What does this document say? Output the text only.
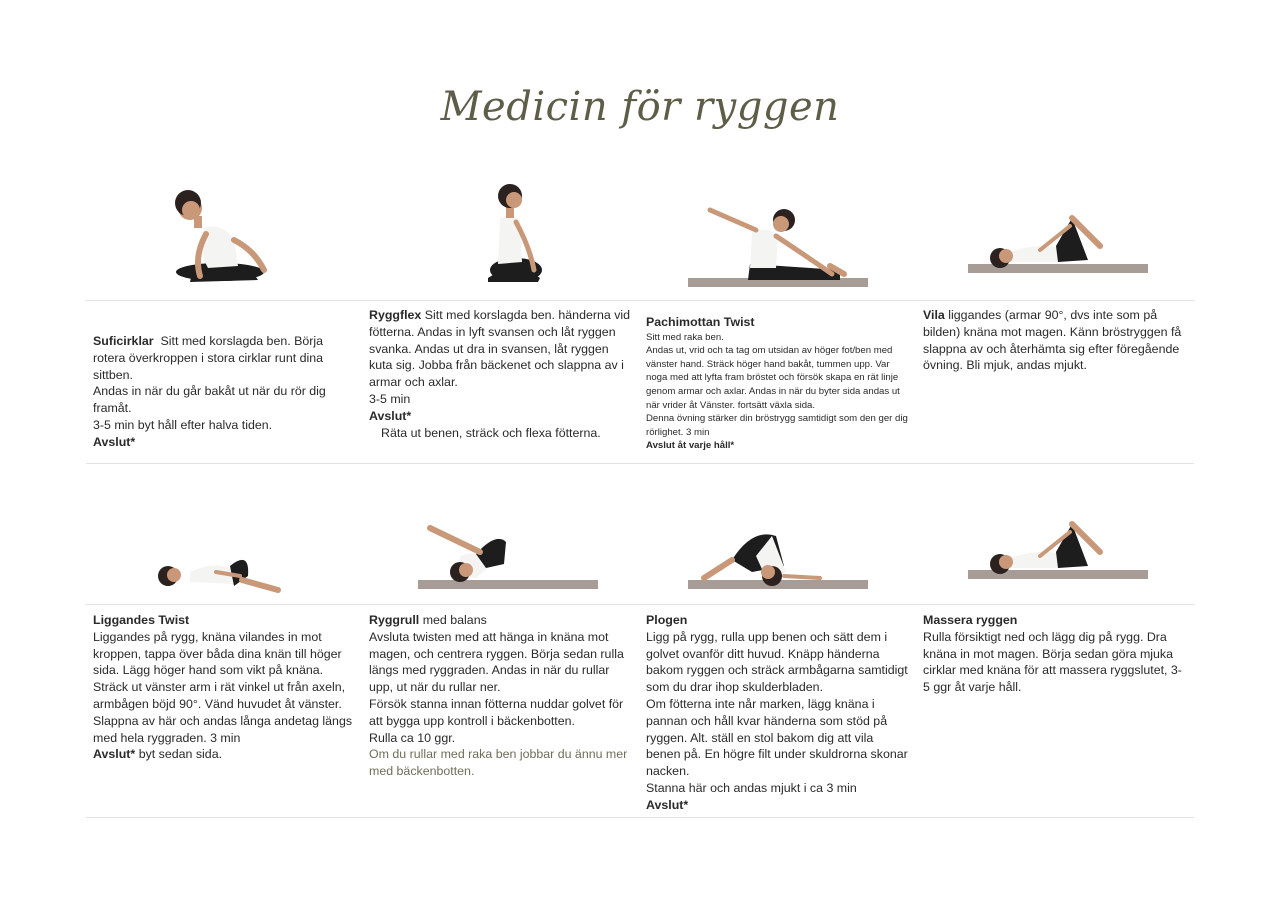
Medicin för ryggen

Suficirklar Sitt med korslagda ben. Börja rotera överkroppen i stora cirklar runt dina sittben.

Andas in när du går bakåt ut när du rör dig framåt.

3-5 min byt håll efter halva tiden.

Avslut*

Ryggflex Sitt med korslagda ben. händerna vid fötterna. Andas in lyft svansen och låt ryggen svanka. Andas ut dra in svansen, låt ryggen kuta sig. Jobba från bäckenet och slappna av i armar och axlar.

3-5 min

Avslut*

Räta ut benen, sträck och flexa fötterna.

Pachimottan Twist

Sitt med raka ben.

Andas ut, vrid och ta tag om utsidan av höger fot/ben med vänster hand. Sträck höger hand bakåt, tummen upp. Var noga med att lyfta fram bröstet och försök skapa en rät linje genom armar och axlar. Andas in när du byter sida andas ut när vrider åt Vänster. fortsätt växla sida.

Denna övning stärker din bröstrygg samtidigt som den ger dig rörlighet. 3 min

Avslut åt varje håll*

Vila liggandes (armar 90°, dvs inte som på bilden) knäna mot magen. Känn bröstryggen få slappna av och återhämta sig efter föregående övning. Bli mjuk, andas mjukt.

Liggandes Twist

Liggandes på rygg, knäna vilandes in mot kroppen, tappa över båda dina knän till höger sida. Lägg höger hand som vikt på knäna. Sträck ut vänster arm i rät vinkel ut från axeln, armbågen böjd 90°. Vänd huvudet åt vänster. Slappna av här och andas långa andetag längs med hela ryggraden. 3 min

Avslut* byt sedan sida.

Ryggrull med balans

Avsluta twisten med att hänga in knäna mot magen, och centrera ryggen. Börja sedan rulla längs med ryggraden. Andas in när du rullar upp, ut när du rullar ner.

Försök stanna innan fötterna nuddar golvet för att bygga upp kontroll i bäckenbotten.

Rulla ca 10 ggr.

Om du rullar med raka ben jobbar du ännu mer med bäckenbotten.

Plogen

Ligg på rygg, rulla upp benen och sätt dem i golvet ovanför ditt huvud. Knäpp händerna bakom ryggen och sträck armbågarna samtidigt som du drar ihop skulderbladen.

Om fötterna inte når marken, lägg knäna i pannan och håll kvar händerna som stöd på ryggen. Alt. ställ en stol bakom dig att vila benen på. En högre filt under skuldrorna skonar nacken.

Stanna här och andas mjukt i ca 3 min

Avslut*

Massera ryggen

Rulla försiktigt ned och lägg dig på rygg. Dra knäna in mot magen. Börja sedan göra mjuka cirklar med knäna för att massera ryggslutet, 3-5 ggr åt varje håll.
